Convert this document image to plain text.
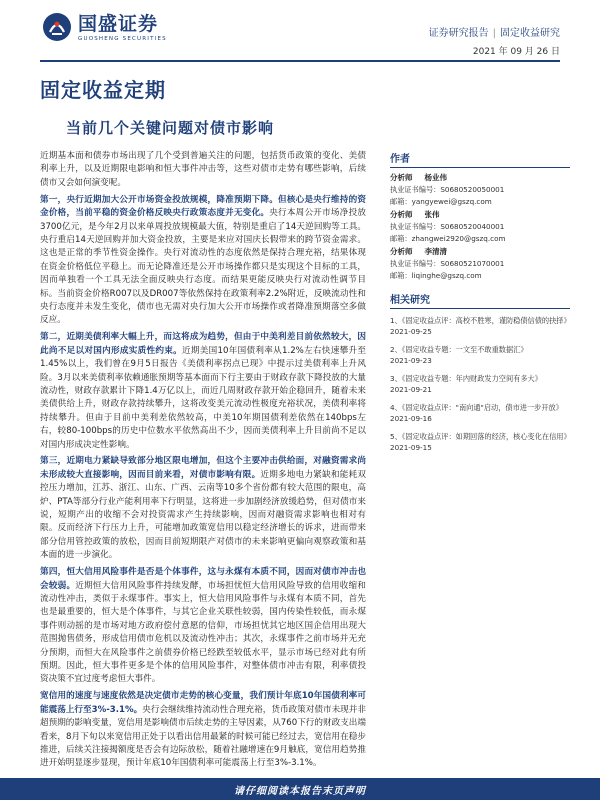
国盛证券
GUOSHENG SECURITIES	证券研究报告 | 固定收益研究
2021 年 09 月 26 日
固定收益定期
当前几个关键问题对债市影响

近期基本面和债券市场出现了几个受到普遍关注的问题，包括货币政策的变化、美债利率上升，以及近期限电影响和恒大事件冲击等，这些对债市走势有哪些影响，后续债市又会如何演变呢。

第一，央行近期加大公开市场资金投放规模，降准预期下降。但核心是央行维持的资金价格，当前平稳的资金价格反映央行政策态度并无变化。央行本周公开市场净投放3700亿元，是今年2月以来单周投放规模最大值，特别是重启了14天逆回购等工具。央行重启14天逆回购并加大资金投放，主要是来应对国庆长假带来的跨节资金需求。这也是正常的季节性资金操作。央行对流动性的态度依然是保持合理充裕，结果体现在资金价格低位平稳上。而无论降准还是公开市场操作都只是实现这个目标的工具，因而单独看一个工具无法全面反映央行态度。而结果更能反映央行对流动性调节目标。当前资金价格R007以及DR007等依然保持在政策利率2.2%附近，反映流动性和央行态度并未发生变化，债市也无需对央行加大公开市场操作或者降准预期落空多做反应。

第二，近期美债利率大幅上升，而这将成为趋势，但由于中美利差目前依然较大，因此尚不足以对国内形成实质性约束。近期美国10年国债利率从1.2%左右快速攀升至1.45%以上，我们曾在9月5日报告《美债利率拐点已现》中提示过美债利率上升风险。3月以来美债利率依赖通胀预期等基本面而下行主要由于财政存款下降投放的大量流动性，财政存款累计下降1.4万亿以上，而近几周财政存款开始企稳回升，随着未来美债供给上升，财政存款持续攀升，这将改变美元流动性极度充裕状况，美债利率将持续攀升。但由于目前中美利差依然较高，中美10年期国债利差依然在140bps左右，较80-100bps的历史中位数水平依然高出不少，因而美债利率上升目前尚不足以对国内形成决定性影响。

第三，近期电力紧缺导致部分地区限电增加，但这个主要冲击供给面，对融资需求尚未形成较大直接影响，因而目前来看，对债市影响有限。近期多地电力紧缺和能耗双控压力增加，江苏、浙江、山东、广西、云南等10多个省份都有较大范围的限电，高炉、PTA等部分行业产能利用率下行明显，这将进一步加剧经济放缓趋势，但对债市来说，短期产出的收缩不会对投资需求产生持续影响，因而对融资需求影响也相对有限。反而经济下行压力上升，可能增加政策宽信用以稳定经济增长的诉求，进而带来部分信用管控政策的放松，因而目前短期限产对债市的未来影响更偏向观察政策和基本面的进一步演化。

第四，恒大信用风险事件是否是个体事件，这与永煤有本质不同，因而对债市冲击也会较弱。近期恒大信用风险事件持续发酵，市场担忧恒大信用风险导致的信用收缩和流动性冲击，类似于永煤事件。事实上，恒大信用风险事件与永煤有本质不同，首先也是最重要的，恒大是个体事件，与其它企业关联性较弱，国内传染性较低，而永煤事件则动摇的是市场对地方政府偿付意愿的信仰，市场担忧其它地区国企信用出现大范围抛售债务，形成信用债市危机以及流动性冲击；其次，永煤事件之前市场并无充分预期，而恒大在风险事件之前债券价格已经跌至较低水平，显示市场已经对此有所预期。因此，恒大事件更多是个体的信用风险事件，对整体债市冲击有限，利率债投资决策不宜过度考虑恒大事件。

宽信用的速度与速度依然是决定债市走势的核心变量，我们预计年底10年国债利率可能震荡上行至3%-3.1%。央行会继续维持流动性合理充裕，货币政策对债市未现并非超预期的影响变量，宽信用是影响债市后续走势的主导因素，从760下行的财政支出端看来，8月下旬以来宽信用正处于以看出信用最紧的时候可能已经过去，宽信用在稳步推进，后续关注接揭额度是否会有边际放松，随着社融增速在9月触底，宽信用趋势推进开始明显逐步显现，预计年底10年国债利率可能震荡上行至3%-3.1%。

作者
分析师 杨业伟
执业证书编号：S0680520050001
邮箱：yangyewei@gszq.com
分析师 张伟
执业证书编号：S0680520040001
邮箱：zhangwei2920@gszq.com
分析师 李清清
执业证书编号：S0680521070001
邮箱：liqinghe@gszq.com
相关研究
1、《固定收益点评：高校不胜寒，谨防稳债信债的抉择》
2021-09-25
2、《固定收益专题：一文至不敢重数据汇》
2021-09-23
3、《固定收益专题：年内财政发力空间有多大》
2021-09-21
4、《固定收益点评："南向通"启动，债市进一步开放》
2021-09-16
5、《固定收益点评：如期回落的经济，核心变化在信用》
2021-09-15
请仔细阅读本报告末页声明
